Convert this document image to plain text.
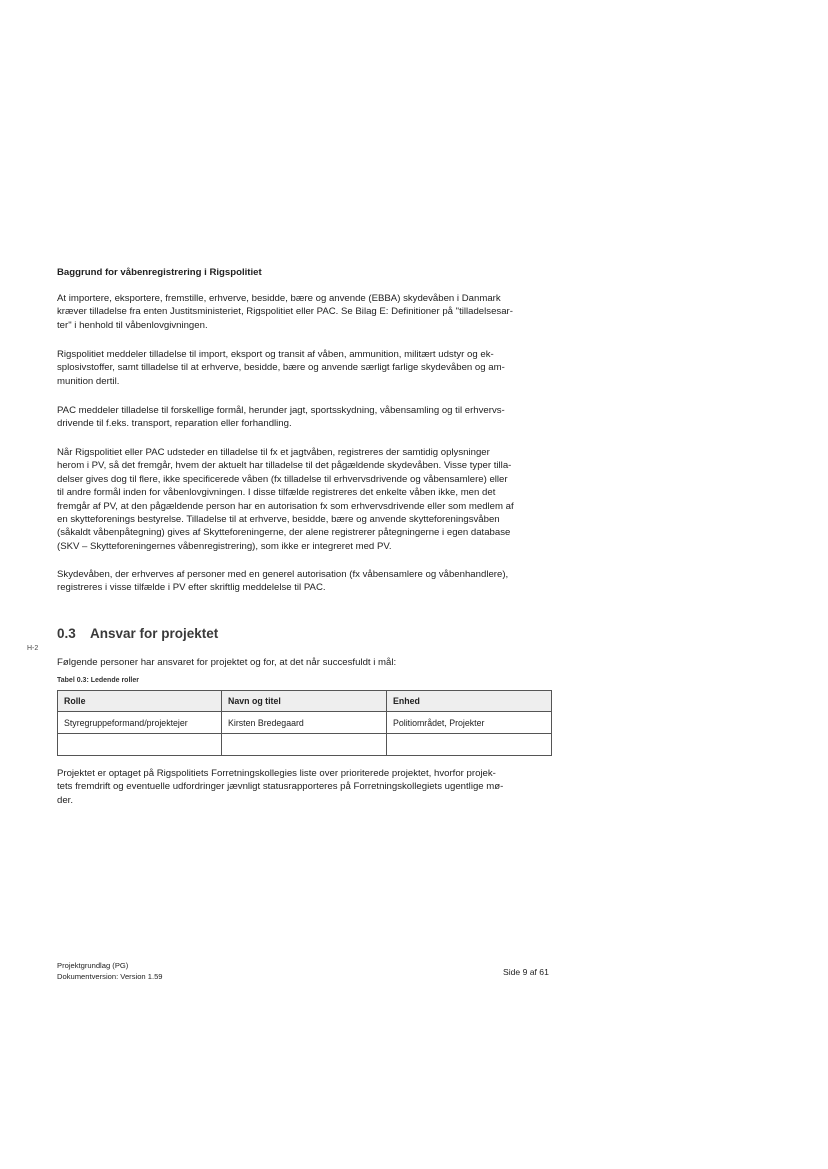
Baggrund for våbenregistrering i Rigspolitiet
At importere, eksportere, fremstille, erhverve, besidde, bære og anvende (EBBA) skydevåben i Danmark
kræver tilladelse fra enten Justitsministeriet, Rigspolitiet eller PAC. Se Bilag E: Definitioner på "tilladelsesar-
ter" i henhold til våbenlovgivningen.
Rigspolitiet meddeler tilladelse til import, eksport og transit af våben, ammunition, militært udstyr og ek-
splosivstoffer, samt tilladelse til at erhverve, besidde, bære og anvende særligt farlige skydevåben og am-
munition dertil.
PAC meddeler tilladelse til forskellige formål, herunder jagt, sportsskydning, våbensamling og til erhvervs-
drivende til f.eks. transport, reparation eller forhandling.
Når Rigspolitiet eller PAC udsteder en tilladelse til fx et jagtvåben, registreres der samtidig oplysninger
herom i PV, så det fremgår, hvem der aktuelt har tilladelse til det pågældende skydevåben. Visse typer tilla-
delser gives dog til flere, ikke specificerede våben (fx tilladelse til erhvervsdrivende og våbensamlere) eller
til andre formål inden for våbenlovgivningen. I disse tilfælde registreres det enkelte våben ikke, men det
fremgår af PV, at den pågældende person har en autorisation fx som erhvervsdrivende eller som medlem af
en skytteforenings bestyrelse. Tilladelse til at erhverve, besidde, bære og anvende skytteforeningsvåben
(såkaldt våbenpåtegning) gives af Skytteforeningerne, der alene registrerer påtegningerne i egen database
(SKV – Skytteforeningernes våbenregistrering), som ikke er integreret med PV.
Skydevåben, der erhverves af personer med en generel autorisation (fx våbensamlere og våbenhandlere),
registreres i visse tilfælde i PV efter skriftlig meddelelse til PAC.
0.3 Ansvar for projektet
H-2
Følgende personer har ansvaret for projektet og for, at det når succesfuldt i mål:
Tabel 0.3: Ledende roller
Rolle	Navn og titel	Enhed
Styregruppeformand/projektejer	Kirsten Bredegaard	Politiområdet, Projekter

Projektet er optaget på Rigspolitiets Forretningskollegies liste over prioriterede projektet, hvorfor projek-
tets fremdrift og eventuelle udfordringer jævnligt statusrapporteres på Forretningskollegiets ugentlige mø-
der.
Projektgrundlag (PG)
Dokumentversion: Version 1.59	Side 9 af 61
